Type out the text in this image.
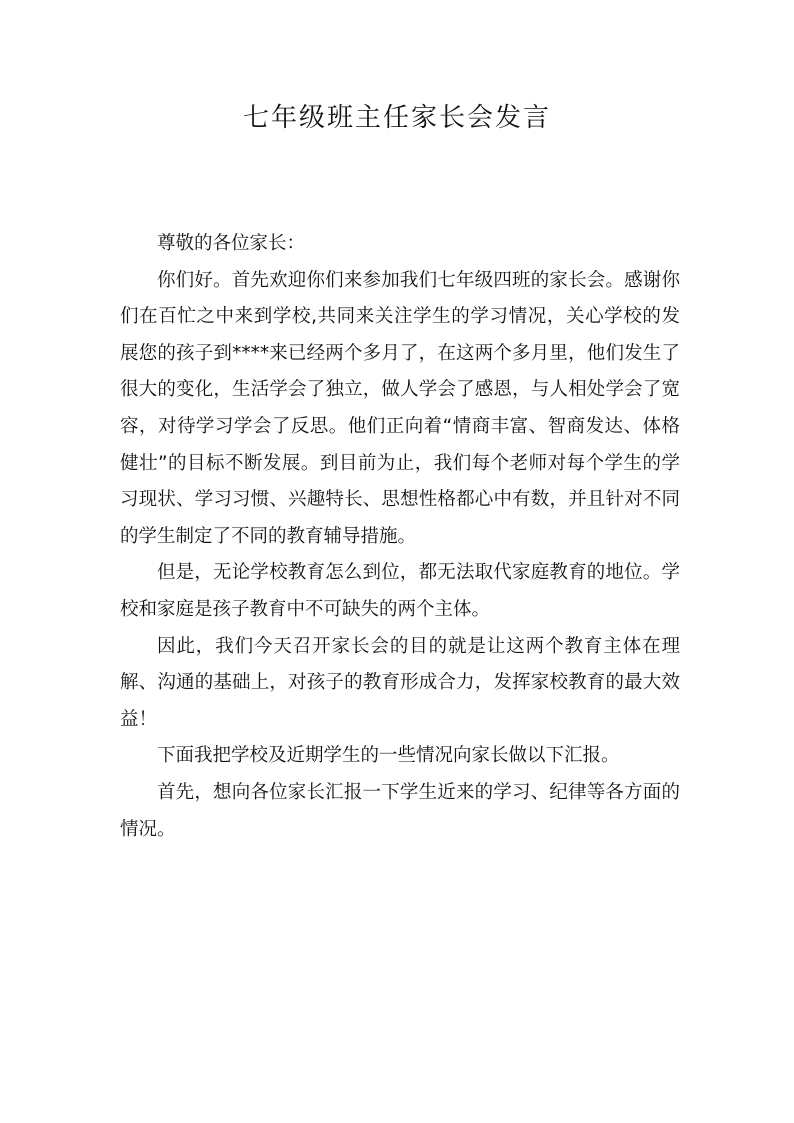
七年级班主任家长会发言

尊敬的各位家长：

你们好。首先欢迎你们来参加我们七年级四班的家长会。感谢你们在百忙之中来到学校,共同来关注学生的学习情况，关心学校的发展您的孩子到****来已经两个多月了，在这两个多月里，他们发生了很大的变化，生活学会了独立，做人学会了感恩，与人相处学会了宽容，对待学习学会了反思。他们正向着“情商丰富、智商发达、体格健壮”的目标不断发展。到目前为止，我们每个老师对每个学生的学习现状、学习习惯、兴趣特长、思想性格都心中有数，并且针对不同的学生制定了不同的教育辅导措施。

但是，无论学校教育怎么到位，都无法取代家庭教育的地位。学校和家庭是孩子教育中不可缺失的两个主体。

因此，我们今天召开家长会的目的就是让这两个教育主体在理解、沟通的基础上，对孩子的教育形成合力，发挥家校教育的最大效益！

下面我把学校及近期学生的一些情况向家长做以下汇报。

首先，想向各位家长汇报一下学生近来的学习、纪律等各方面的情况。
